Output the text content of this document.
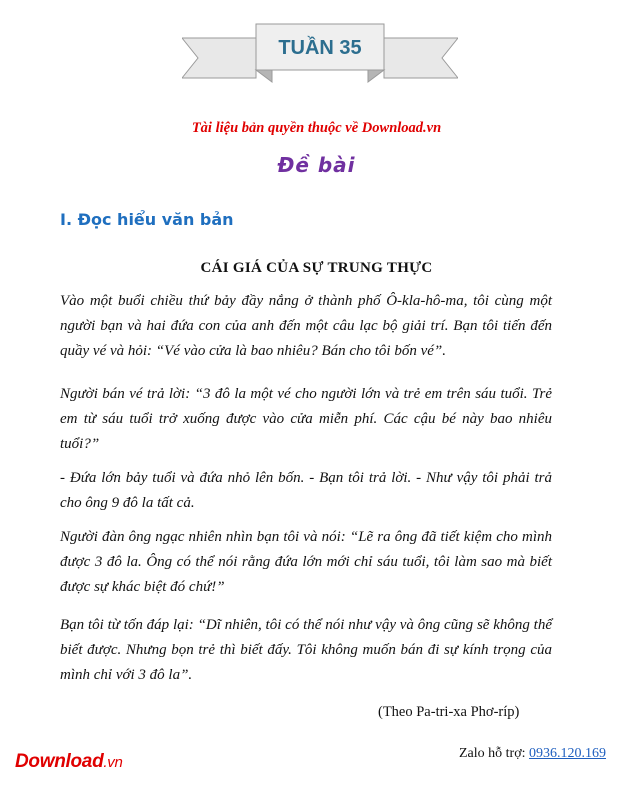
TUẦN 35
Tài liệu bản quyền thuộc về Download.vn
Đề bài
I. Đọc hiểu văn bản
CÁI GIÁ CỦA SỰ TRUNG THỰC

Vào một buổi chiều thứ bảy đầy nắng ở thành phố Ô-kla-hô-ma, tôi cùng một người bạn và hai đứa con của anh đến một câu lạc bộ giải trí. Bạn tôi tiến đến quầy vé và hỏi: “Vé vào cửa là bao nhiêu? Bán cho tôi bốn vé”.

Người bán vé trả lời: “3 đô la một vé cho người lớn và trẻ em trên sáu tuổi. Trẻ em từ sáu tuổi trở xuống được vào cửa miễn phí. Các cậu bé này bao nhiêu tuổi?”

- Đứa lớn bảy tuổi và đứa nhỏ lên bốn. - Bạn tôi trả lời. - Như vậy tôi phải trả cho ông 9 đô la tất cả.

Người đàn ông ngạc nhiên nhìn bạn tôi và nói: “Lẽ ra ông đã tiết kiệm cho mình được 3 đô la. Ông có thể nói rằng đứa lớn mới chỉ sáu tuổi, tôi làm sao mà biết được sự khác biệt đó chứ!”

Bạn tôi từ tốn đáp lại: “Dĩ nhiên, tôi có thể nói như vậy và ông cũng sẽ không thể biết được. Nhưng bọn trẻ thì biết đấy. Tôi không muốn bán đi sự kính trọng của mình chỉ với 3 đô la”.

(Theo Pa-tri-xa Phơ-ríp)
Download.vn
Zalo hỗ trợ: 0936.120.169
